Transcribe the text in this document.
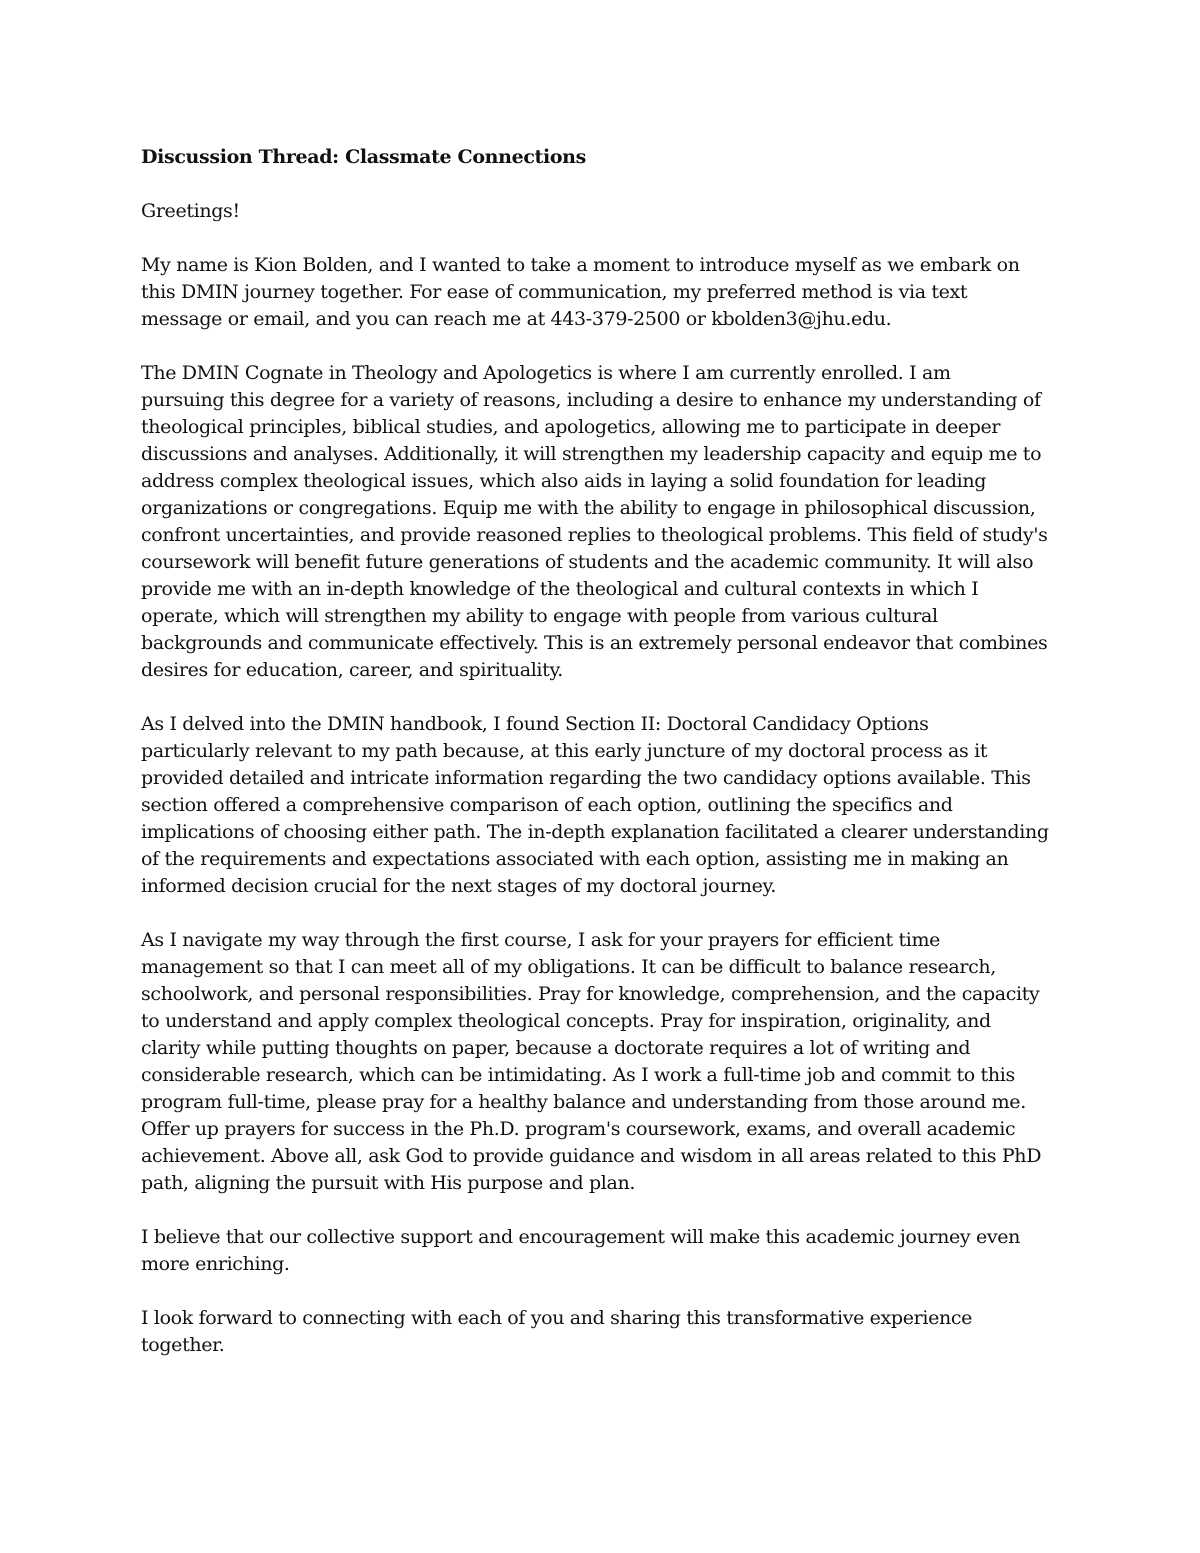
Discussion Thread: Classmate Connections

Greetings!

My name is Kion Bolden, and I wanted to take a moment to introduce myself as we embark on
this DMIN journey together. For ease of communication, my preferred method is via text
message or email, and you can reach me at 443-379-2500 or kbolden3@jhu.edu.

The DMIN Cognate in Theology and Apologetics is where I am currently enrolled. I am
pursuing this degree for a variety of reasons, including a desire to enhance my understanding of
theological principles, biblical studies, and apologetics, allowing me to participate in deeper
discussions and analyses. Additionally, it will strengthen my leadership capacity and equip me to
address complex theological issues, which also aids in laying a solid foundation for leading
organizations or congregations. Equip me with the ability to engage in philosophical discussion,
confront uncertainties, and provide reasoned replies to theological problems. This field of study's
coursework will benefit future generations of students and the academic community. It will also
provide me with an in-depth knowledge of the theological and cultural contexts in which I
operate, which will strengthen my ability to engage with people from various cultural
backgrounds and communicate effectively. This is an extremely personal endeavor that combines
desires for education, career, and spirituality.

As I delved into the DMIN handbook, I found Section II: Doctoral Candidacy Options
particularly relevant to my path because, at this early juncture of my doctoral process as it
provided detailed and intricate information regarding the two candidacy options available. This
section offered a comprehensive comparison of each option, outlining the specifics and
implications of choosing either path. The in-depth explanation facilitated a clearer understanding
of the requirements and expectations associated with each option, assisting me in making an
informed decision crucial for the next stages of my doctoral journey.

As I navigate my way through the first course, I ask for your prayers for efficient time
management so that I can meet all of my obligations. It can be difficult to balance research,
schoolwork, and personal responsibilities. Pray for knowledge, comprehension, and the capacity
to understand and apply complex theological concepts. Pray for inspiration, originality, and
clarity while putting thoughts on paper, because a doctorate requires a lot of writing and
considerable research, which can be intimidating. As I work a full-time job and commit to this
program full-time, please pray for a healthy balance and understanding from those around me.
Offer up prayers for success in the Ph.D. program's coursework, exams, and overall academic
achievement. Above all, ask God to provide guidance and wisdom in all areas related to this PhD
path, aligning the pursuit with His purpose and plan.

I believe that our collective support and encouragement will make this academic journey even
more enriching.

I look forward to connecting with each of you and sharing this transformative experience
together.
